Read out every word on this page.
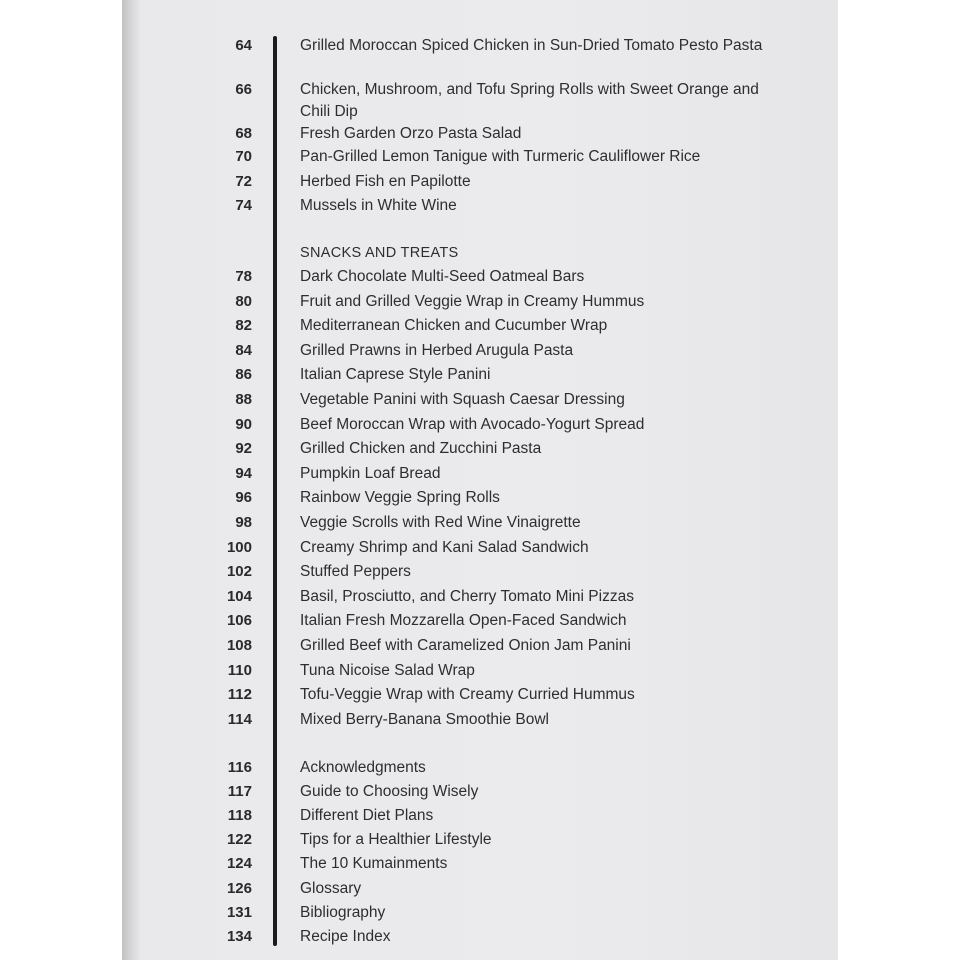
64	Grilled Moroccan Spiced Chicken in Sun-Dried Tomato Pesto Pasta
66	Chicken, Mushroom, and Tofu Spring Rolls with Sweet Orange and Chili Dip
68	Fresh Garden Orzo Pasta Salad
70	Pan-Grilled Lemon Tanigue with Turmeric Cauliflower Rice
72	Herbed Fish en Papilotte
74	Mussels in White Wine
SNACKS AND TREATS
78	Dark Chocolate Multi-Seed Oatmeal Bars
80	Fruit and Grilled Veggie Wrap in Creamy Hummus
82	Mediterranean Chicken and Cucumber Wrap
84	Grilled Prawns in Herbed Arugula Pasta
86	Italian Caprese Style Panini
88	Vegetable Panini with Squash Caesar Dressing
90	Beef Moroccan Wrap with Avocado-Yogurt Spread
92	Grilled Chicken and Zucchini Pasta
94	Pumpkin Loaf Bread
96	Rainbow Veggie Spring Rolls
98	Veggie Scrolls with Red Wine Vinaigrette
100	Creamy Shrimp and Kani Salad Sandwich
102	Stuffed Peppers
104	Basil, Prosciutto, and Cherry Tomato Mini Pizzas
106	Italian Fresh Mozzarella Open-Faced Sandwich
108	Grilled Beef with Caramelized Onion Jam Panini
110	Tuna Nicoise Salad Wrap
112	Tofu-Veggie Wrap with Creamy Curried Hummus
114	Mixed Berry-Banana Smoothie Bowl
116	Acknowledgments
117	Guide to Choosing Wisely
118	Different Diet Plans
122	Tips for a Healthier Lifestyle
124	The 10 Kumainments
126	Glossary
131	Bibliography
134	Recipe Index
